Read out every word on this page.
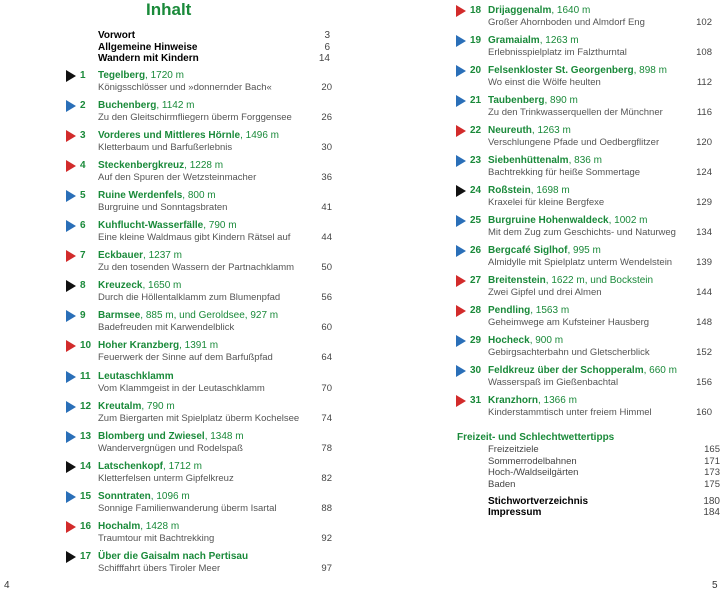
Inhalt
Vorwort	3
Allgemeine Hinweise	6
Wandern mit Kindern	14
1 Tegelberg, 1720 m
Königsschlösser und »donnernder Bach«	20
2 Buchenberg, 1142 m
Zu den Gleitschirmfliegern überm Forggensee	26
3 Vorderes und Mittleres Hörnle, 1496 m
Kletterbaum und Barfußerlebnis	30
4 Steckenbergkreuz, 1228 m
Auf den Spuren der Wetzsteinmacher	36
5 Ruine Werdenfels, 800 m
Burgruine und Sonntagsbraten	41
6 Kuhflucht-Wasserfälle, 790 m
Eine kleine Waldmaus gibt Kindern Rätsel auf	44
7 Eckbauer, 1237 m
Zu den tosenden Wassern der Partnachklamm	50
8 Kreuzeck, 1650 m
Durch die Höllentalklamm zum Blumenpfad	56
9 Barmsee, 885 m, und Geroldsee, 927 m
Badefreuden mit Karwendelblick	60
10 Hoher Kranzberg, 1391 m
Feuerwerk der Sinne auf dem Barfußpfad	64
11 Leutaschklamm
Vom Klammgeist in der Leutaschklamm	70
12 Kreutalm, 790 m
Zum Biergarten mit Spielplatz überm Kochelsee 74
13 Blomberg und Zwiesel, 1348 m
Wandervergnügen und Rodelspaß	78
14 Latschenkopf, 1712 m
Kletterfelsen unterm Gipfelkreuz	82
15 Sonntraten, 1096 m
Sonnige Familienwanderung überm Isartal	88
16 Hochalm, 1428 m
Traumtour mit Bachtrekking	92
17 Über die Gaisalm nach Pertisau
Schifffahrt übers Tiroler Meer	97
4
18 Drijaggenalm, 1640 m
Großer Ahornboden und Almdorf Eng	102
19 Gramaialm, 1263 m
Erlebnisspielplatz im Falzthurntal	108
20 Felsenkloster St. Georgenberg, 898 m
Wo einst die Wölfe heulten	112
21 Taubenberg, 890 m
Zu den Trinkwasserquellen der Münchner	116
22 Neureuth, 1263 m
Verschlungene Pfade und Oedbergflitzer	120
23 Siebenhüttenalm, 836 m
Bachtrekking für heiße Sommertage	124
24 Roßstein, 1698 m
Kraxelei für kleine Bergfexe	129
25 Burgruine Hohenwaldeck, 1002 m
Mit dem Zug zum Geschichts- und Naturweg 134
26 Bergcafé Siglhof, 995 m
Almidylle mit Spielplatz unterm Wendelstein	139
27 Breitenstein, 1622 m, und Bockstein
Zwei Gipfel und drei Almen	144
28 Pendling, 1563 m
Geheimwege am Kufsteiner Hausberg	148
29 Hocheck, 900 m
Gebirgsachterbahn und Gletscherblick	152
30 Feldkreuz über der Schopperalm, 660 m
Wasserspaß im Gießenbachtal	156
31 Kranzhorn, 1366 m
Kinderstammtisch unter freiem Himmel	160
Freizeit- und Schlechtwettertipps
Freizeitziele	165
Sommerrodelbahnen	171
Hoch-/Waldseilgärten	173
Baden	175
Stichwortverzeichnis	180
Impressum	184
5
